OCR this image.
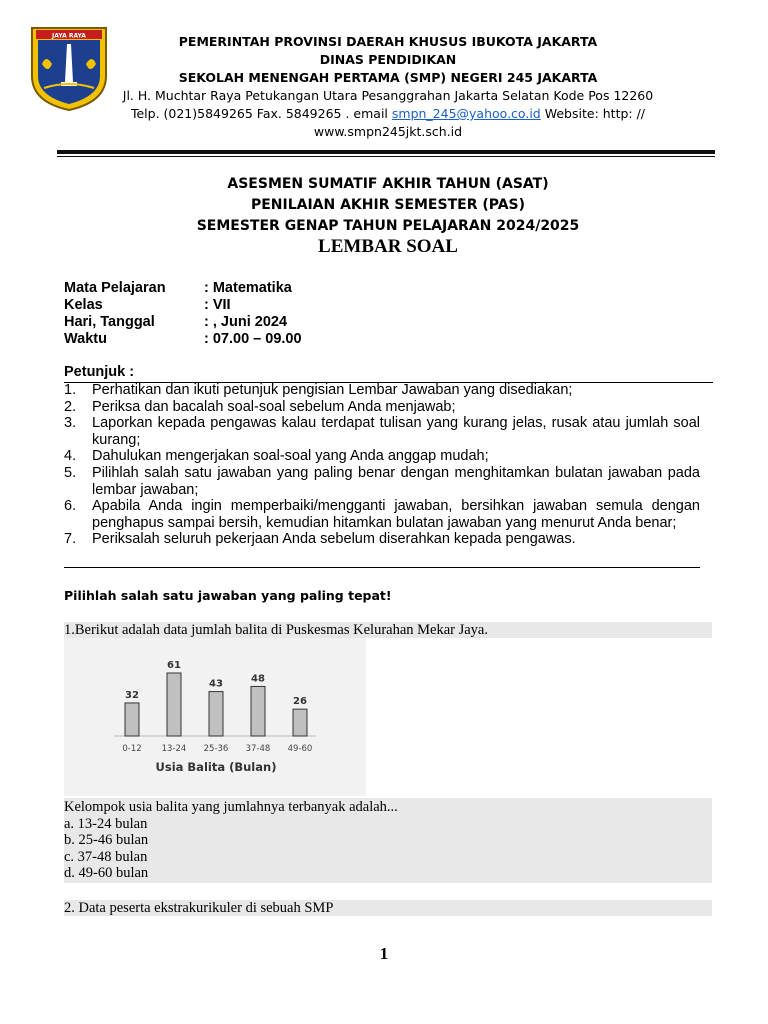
JAYA RAYA	PEMERINTAH PROVINSI DAERAH KHUSUS IBUKOTA JAKARTA
DINAS PENDIDIKAN
SEKOLAH MENENGAH PERTAMA (SMP) NEGERI 245 JAKARTA
Jl. H. Muchtar Raya Petukangan Utara Pesanggrahan Jakarta Selatan Kode Pos 12260
Telp. (021)5849265 Fax. 5849265 . email smpn_245@yahoo.co.id Website: http: //
www.smpn245jkt.sch.id
ASESMEN SUMATIF AKHIR TAHUN (ASAT)
PENILAIAN AKHIR SEMESTER (PAS)
SEMESTER GENAP TAHUN PELAJARAN 2024/2025
LEMBAR SOAL
Mata Pelajaran	: Matematika
Kelas	: VII
Hari, Tanggal	: , Juni 2024
Waktu	: 07.00 – 09.00
Petunjuk :
1.	Perhatikan dan ikuti petunjuk pengisian Lembar Jawaban yang disediakan;
2.	Periksa dan bacalah soal-soal sebelum Anda menjawab;
3.	Laporkan kepada pengawas kalau terdapat tulisan yang kurang jelas, rusak atau jumlah soal kurang;
4.	Dahulukan mengerjakan soal-soal yang Anda anggap mudah;
5.	Pilihlah salah satu jawaban yang paling benar dengan menghitamkan bulatan jawaban pada lembar jawaban;
6.	Apabila Anda ingin memperbaiki/mengganti jawaban, bersihkan jawaban semula dengan penghapus sampai bersih, kemudian hitamkan bulatan jawaban yang menurut Anda benar;
7.	Periksalah seluruh pekerjaan Anda sebelum diserahkan kepada pengawas.
Pilihlah salah satu jawaban yang paling tepat!
1.Berikut adalah data jumlah balita di Puskesmas Kelurahan Mekar Jaya.
32
0-12
61
13-24
43
25-36
48
37-48
26
49-60
Usia Balita (Bulan)
Kelompok usia balita yang jumlahnya terbanyak adalah...
a. 13-24 bulan
b. 25-46 bulan
c. 37-48 bulan
d. 49-60 bulan
2. Data peserta ekstrakurikuler di sebuah SMP
1
